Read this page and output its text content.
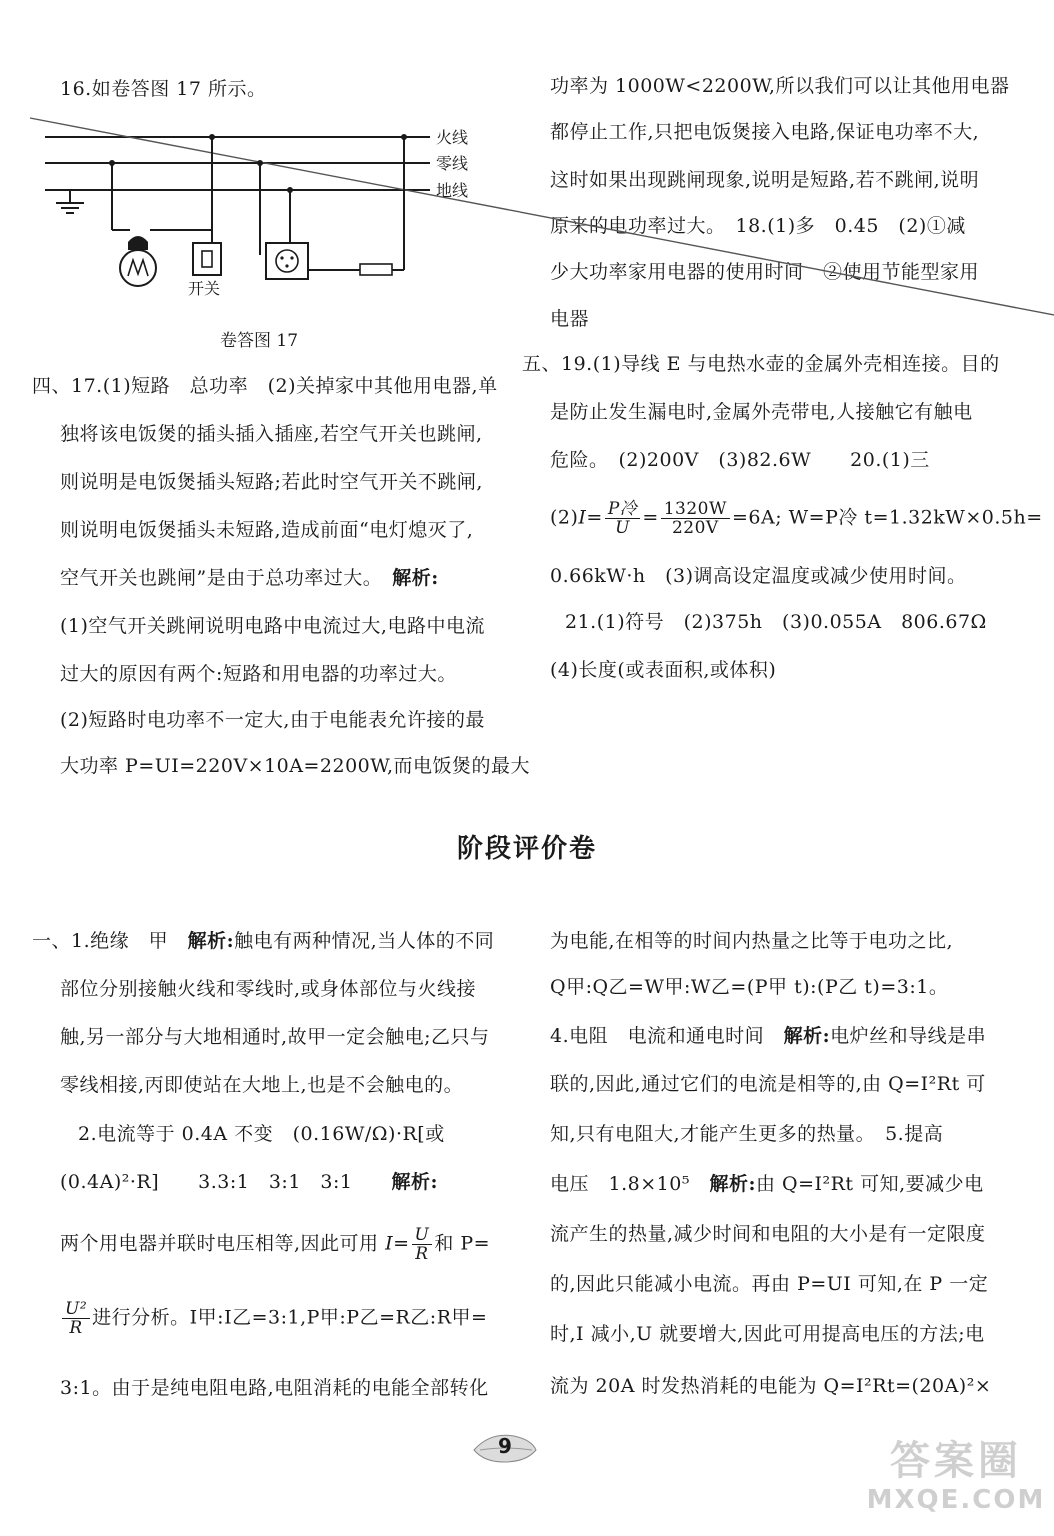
16.如卷答图 17 所示。
开关
火线
零线
地线
卷答图 17
四、17.(1)短路　总功率　(2)关掉家中其他用电器,单
独将该电饭煲的插头插入插座,若空气开关也跳闸,
则说明是电饭煲插头短路;若此时空气开关不跳闸,
则说明电饭煲插头未短路,造成前面“电灯熄灭了,
空气开关也跳闸”是由于总功率过大。　解析:
(1)空气开关跳闸说明电路中电流过大,电路中电流
过大的原因有两个:短路和用电器的功率过大。
(2)短路时电功率不一定大,由于电能表允许接的最
大功率 P=UI=220V×10A=2200W,而电饭煲的最大
功率为 1000W<2200W,所以我们可以让其他用电器
都停止工作,只把电饭煲接入电路,保证电功率不大,
这时如果出现跳闸现象,说明是短路,若不跳闸,说明
原来的电功率过大。　18.(1)多　0.45　(2)①减
少大功率家用电器的使用时间　②使用节能型家用
电器
五、19.(1)导线 E 与电热水壶的金属外壳相连接。目的
是防止发生漏电时,金属外壳带电,人接触它有触电
危险。　(2)200V　(3)82.6W　　20.(1)三
$(2)I= \frac{\text{P冷}}{U} = \frac{1320W}{220V} =6A$; W=P冷 t=1.32kW×0.5h=
0.66kW·h　(3)调高设定温度或减少使用时间。
21.(1)符号　(2)375h　(3)0.055A　806.67Ω
(4)长度(或表面积,或体积)
阶段评价卷
一、1.绝缘　甲　解析:触电有两种情况,当人体的不同
部位分别接触火线和零线时,或身体部位与火线接
触,另一部分与大地相通时,故甲一定会触电;乙只与
零线相接,丙即使站在大地上,也是不会触电的。
2.电流等于 0.4A 不变　(0.16W/Ω)·R[或
(0.4A)²·R]　　3.3:1　3:1　3:1　　解析:
两个用电器并联时电压相等,因此可用 $I= \frac{U}{R}$ 和 P=
$\frac{\text{U²}}{R}$ 进行分析。I甲:I乙=3:1,P甲:P乙=R乙:R甲=
3:1。由于是纯电阻电路,电阻消耗的电能全部转化
为电能,在相等的时间内热量之比等于电功之比,
Q甲:Q乙=W甲:W乙=(P甲 t):(P乙 t)=3:1。
4.电阻　电流和通电时间　解析:电炉丝和导线是串
联的,因此,通过它们的电流是相等的,由 Q=I²Rt 可
知,只有电阻大,才能产生更多的热量。　5.提高
电压　1.8×10⁵　解析:由 Q=I²Rt 可知,要减少电
流产生的热量,减少时间和电阻的大小是有一定限度
的,因此只能减小电流。再由 P=UI 可知,在 P 一定
时,I 减小,U 就要增大,因此可用提高电压的方法;电
流为 20A 时发热消耗的电能为 Q=I²Rt=(20A)²×
9	答案圈
MXQE.COM
